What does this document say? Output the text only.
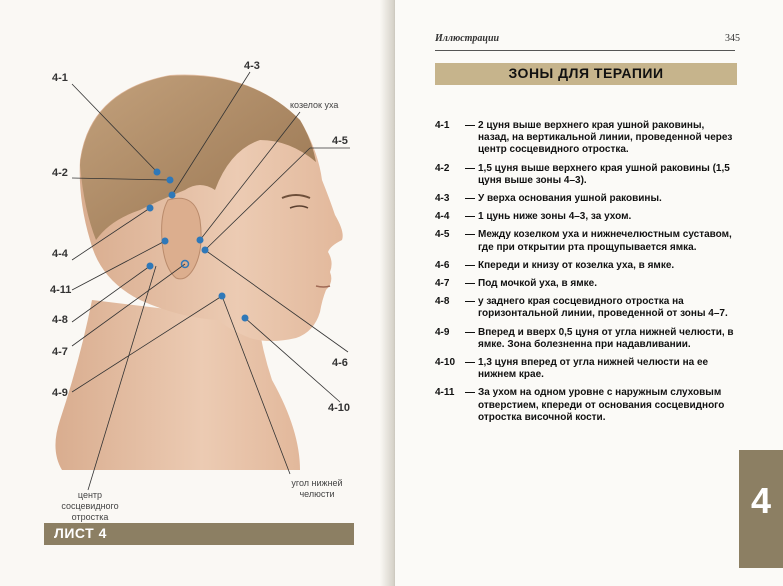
4-1
4-2
4-3
4-4
4-5
4-6
4-7
4-8
4-9
4-10
4-11
козелок уха
центр
сосцевидного
отростка
угол нижней
челюсти
ЛИСТ 4
Иллюстрации	345
ЗОНЫ ДЛЯ ТЕРАПИИ
4-1	— 2 цуня выше верхнего края ушной раковины, назад, на вертикальной линии, проведенной через центр сосцевидного отростка.
4-2	— 1,5 цуня выше верхнего края ушной раковины (1,5 цуня выше зоны 4–3).
4-3	— У верха основания ушной раковины.
4-4	— 1 цунь ниже зоны 4–3, за ухом.
4-5	— Между козелком уха и нижнечелюстным суставом, где при открытии рта прощупывается ямка.
4-6	— Кпереди и книзу от козелка уха, в ямке.
4-7	— Под мочкой уха, в ямке.
4-8	— у заднего края сосцевидного отростка на горизонтальной линии, проведенной от зоны 4–7.
4-9	— Вперед и вверх 0,5 цуня от угла нижней челюсти, в ямке. Зона болезненна при надавливании.
4-10 — 1,3 цуня вперед от угла нижней челюсти на ее нижнем крае.
4-11	— За ухом на одном уровне с наружным слуховым отверстием, кпереди от основания сосцевидного отростка височной кости.
4
